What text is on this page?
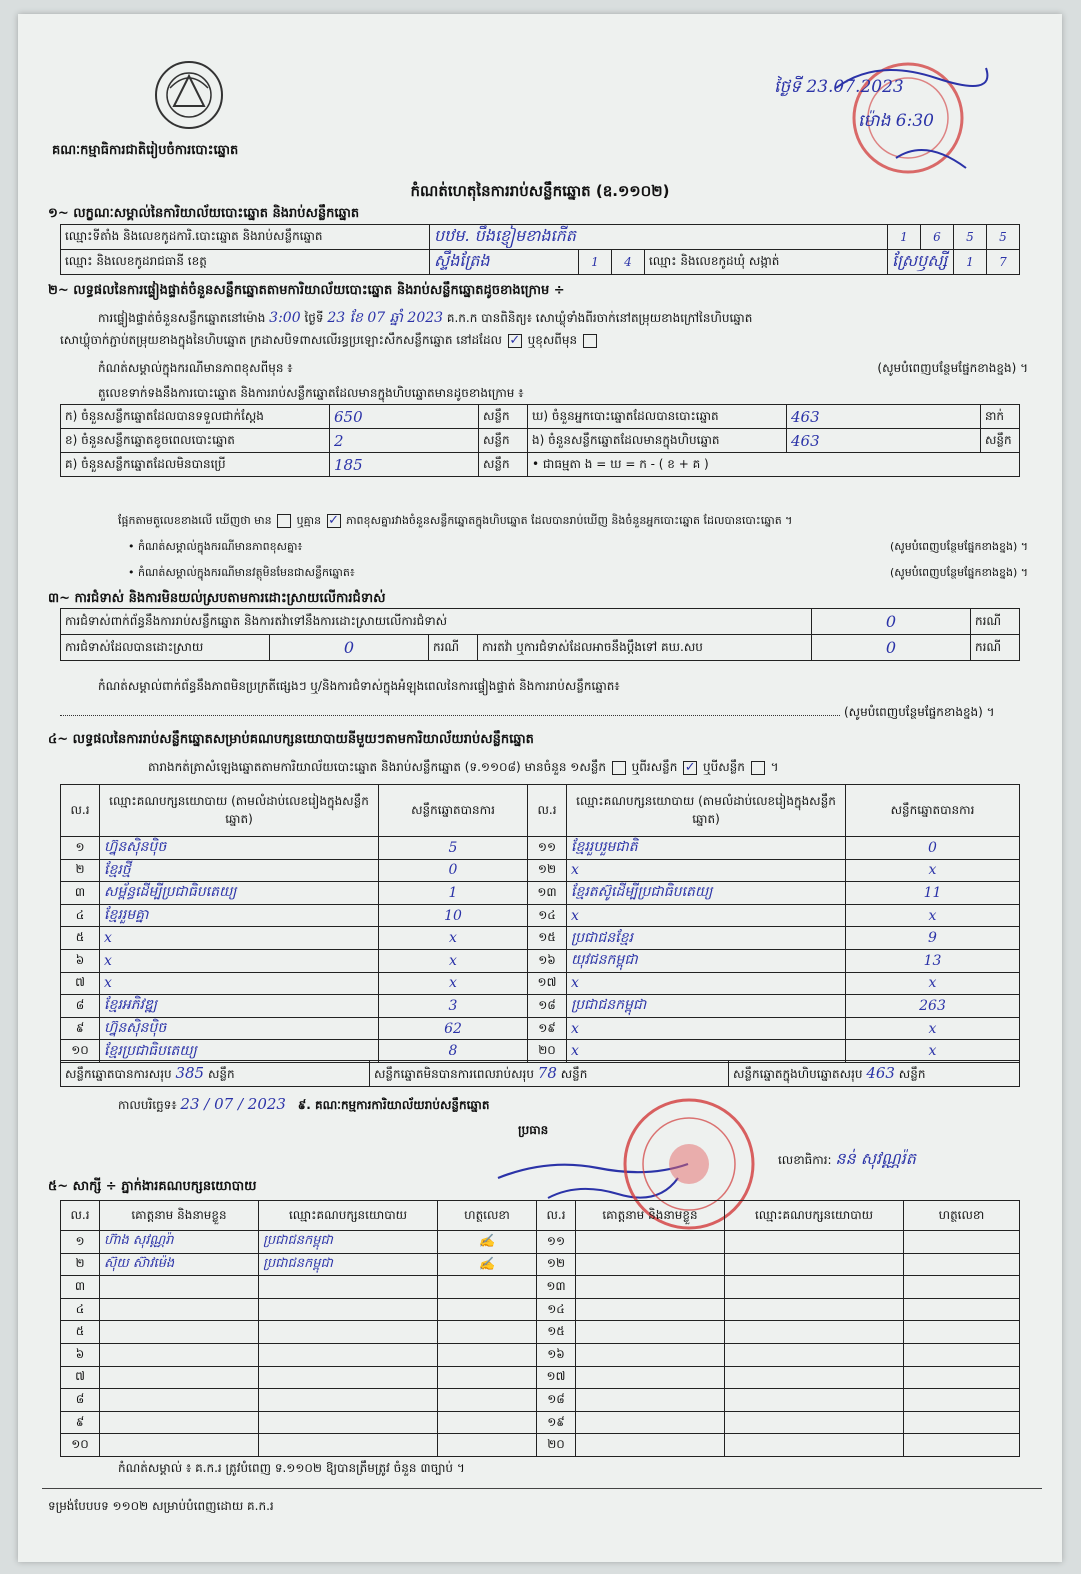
គណៈកម្មាធិការជាតិរៀបចំការបោះឆ្នោត
ថ្ងៃទី 23.07.2023
ម៉ោង 6:30
កំណត់ហេតុនៃការរាប់សន្លឹកឆ្នោត (ឧ.១១០២)
១~ លក្ខណៈសម្គាល់នៃការិយាល័យបោះឆ្នោត និងរាប់សន្លឹកឆ្នោត
ឈ្មោះទីតាំង និងលេខកូដការិ.បោះឆ្នោត និងរាប់សន្លឹកឆ្នោត	បឋម. បឹងខ្ញៀមខាងកើត				1	6	5	5
ឈ្មោះ និងលេខកូដរាជធានី ខេត្ត	ស្ទឹងត្រែង	1	4	ឈ្មោះ និងលេខកូដឃុំ សង្កាត់	ស្រែឫស្សី		1	7
២~ លទ្ធផលនៃការផ្ទៀងផ្ទាត់ចំនួនសន្លឹកឆ្នោតតាមការិយាល័យបោះឆ្នោត និងរាប់សន្លឹកឆ្នោតដូចខាងក្រោម ÷
ការផ្ទៀងផ្ទាត់ចំនួនសន្លឹកឆ្នោតនៅម៉ោង 3:00 ថ្ងៃទី 23 ខែ 07 ឆ្នាំ 2023 គ.ក.ក បានពិនិត្យ៖ សោឃ្លុំទាំងពីរចាក់នៅតម្រុយខាងក្រៅនៃហិបឆ្នោត
សោឃ្លុំចាក់ភ្ជាប់តម្រុយខាងក្នុងនៃហិបឆ្នោត ក្រដាសបិទពាសលើរន្ធប្រឡោះសឹកសន្លឹកឆ្នោត នៅដដែល ✓ ឬខុសពីមុន
កំណត់សម្គាល់ក្នុងករណីមានភាពខុសពីមុន ៖	(សូមបំពេញបន្ថែមផ្នែកខាងខ្នង) ។
តួលេខទាក់ទងនឹងការបោះឆ្នោត និងការរាប់សន្លឹកឆ្នោតដែលមានក្នុងហិបឆ្នោតមានដូចខាងក្រោម ៖
ក) ចំនួនសន្លឹកឆ្នោតដែលបានទទួលជាក់ស្តែង	650	សន្លឹក	ឃ) ចំនួនអ្នកបោះឆ្នោតដែលបានបោះឆ្នោត	463	នាក់
ខ) ចំនួនសន្លឹកឆ្នោតខូចពេលបោះឆ្នោត	2	សន្លឹក	ង) ចំនួនសន្លឹកឆ្នោតដែលមានក្នុងហិបឆ្នោត	463	សន្លឹក
គ) ចំនួនសន្លឹកឆ្នោតដែលមិនបានប្រើ	185	សន្លឹក	• ជាធម្មតា ង = ឃ = ក - ( ខ + គ )		
ផ្អែកតាមតួលេខខាងលើ ឃើញថា មាន ឬគ្មាន ✓ ភាពខុសគ្នារវាងចំនួនសន្លឹកឆ្នោតក្នុងហិបឆ្នោត ដែលបានរាប់ឃើញ និងចំនួនអ្នកបោះឆ្នោត ដែលបានបោះឆ្នោត ។
• កំណត់សម្គាល់ក្នុងករណីមានភាពខុសគ្នា៖	(សូមបំពេញបន្ថែមផ្នែកខាងខ្នង) ។
• កំណត់សម្គាល់ក្នុងករណីមានវត្ថុមិនមែនជាសន្លឹកឆ្នោត៖	(សូមបំពេញបន្ថែមផ្នែកខាងខ្នង) ។
៣~ ការជំទាស់ និងការមិនយល់ស្របតាមការដោះស្រាយលើការជំទាស់
ការជំទាស់ពាក់ព័ន្ធនឹងការរាប់សន្លឹកឆ្នោត និងការតវ៉ាទៅនឹងការដោះស្រាយលើការជំទាស់				0	ករណី
ការជំទាស់ដែលបានដោះស្រាយ	0	ករណី	ការតវ៉ា ឬការជំទាស់ដែលអាចនឹងប្តឹងទៅ គឃ.សប	0	ករណី
កំណត់សម្គាល់ពាក់ព័ន្ធនឹងភាពមិនប្រក្រតីផ្សេងៗ ឬ/និងការជំទាស់ក្នុងអំឡុងពេលនៃការផ្ទៀងផ្ទាត់ និងការរាប់សន្លឹកឆ្នោត៖
(សូមបំពេញបន្ថែមផ្នែកខាងខ្នង) ។
៤~ លទ្ធផលនៃការរាប់សន្លឹកឆ្នោតសម្រាប់គណបក្សនយោបាយនីមួយៗតាមការិយាល័យរាប់សន្លឹកឆ្នោត
តារាងកត់ត្រាសំឡេងឆ្នោតតាមការិយាល័យបោះឆ្នោត និងរាប់សន្លឹកឆ្នោត (ទ.១១០៨) មានចំនួន ១សន្លឹក ឬពីរសន្លឹក ✓ ឬបីសន្លឹក ។
ល.រ	ឈ្មោះគណបក្សនយោបាយ (តាមលំដាប់លេខរៀងក្នុងសន្លឹកឆ្នោត)	សន្លឹកឆ្នោតបានការ	ល.រ	ឈ្មោះគណបក្សនយោបាយ (តាមលំដាប់លេខរៀងក្នុងសន្លឹកឆ្នោត)	សន្លឹកឆ្នោតបានការ
១	ហ្វ៊ុនស៊ិនប៉ិច	5	១១	ខ្មែររួបរួមជាតិ	0
២	ខ្មែរថ្មី	0	១២	x	x
៣	សម្ព័ន្ធដើម្បីប្រជាធិបតេយ្យ	1	១៣	ខ្មែរតស៊ូដើម្បីប្រជាធិបតេយ្យ	11
៤	ខ្មែររួមគ្នា	10	១៤	x	x
៥	x	x	១៥	ប្រជាជនខ្មែរ	9
៦	x	x	១៦	យុវជនកម្ពុជា	13
៧	x	x	១៧	x	x
៨	ខ្មែរអភិវឌ្ឍ	3	១៨	ប្រជាជនកម្ពុជា	263
៩	ហ្វ៊ុនស៊ិនប៉ិច	62	១៩	x	x
១០	ខ្មែរប្រជាធិបតេយ្យ	8	២០	x	x
សន្លឹកឆ្នោតបានការសរុប 385 សន្លឹក	សន្លឹកឆ្នោតមិនបានការពេលរាប់សរុប 78 សន្លឹក	សន្លឹកឆ្នោតក្នុងហិបឆ្នោតសរុប 463 សន្លឹក
កាលបរិច្ឆេទ៖ 23 / 07 / 2023 ៩. គណៈកម្មការការិយាល័យរាប់សន្លឹកឆ្នោត
ប្រធាន
លេខាធិការ: នន់ សុវណ្ណរ៉ត
៥~ សាក្សី ÷ ភ្នាក់ងារគណបក្សនយោបាយ
ល.រ	គោត្តនាម និងនាមខ្លួន	ឈ្មោះគណបក្សនយោបាយ	ហត្ថលេខា	ល.រ	គោត្តនាម និងនាមខ្លួន	ឈ្មោះគណបក្សនយោបាយ	ហត្ថលេខា
១	ហ៊ាង សុវណ្ណរ៉ា	ប្រជាជនកម្ពុជា	✍	១១			
២	ស៊ុយ ស៊ាវម៉េង	ប្រជាជនកម្ពុជា	✍	១២			
៣				១៣			
៤				១៤			
៥				១៥			
៦				១៦			
៧				១៧			
៨				១៨			
៩				១៩			
១០				២០			
កំណត់សម្គាល់ ៖ គ.ក.រ ត្រូវបំពេញ ទ.១១០២ ឱ្យបានត្រឹមត្រូវ ចំនួន ៣ច្បាប់ ។
ទម្រង់បែបបទ ១១០២ សម្រាប់បំពេញដោយ គ.ក.រ
